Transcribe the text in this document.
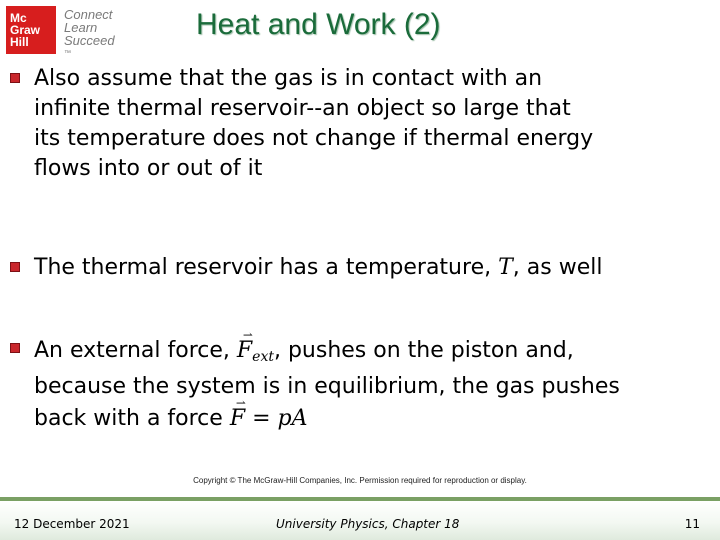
Mc
Graw
Hill
Connect
Learn
Succeed
™
Heat and Work (2)
Also assume that the gas is in contact with an
infinite thermal reservoir--an object so large that
its temperature does not change if thermal energy
flows into or out of it
The thermal reservoir has a temperature, T, as well
An external force,
⇀
$F_{ext}$, pushes on the piston and,
because the system is in equilibrium, the gas pushes
back with a force
⇀
F = pA
Copyright © The McGraw-Hill Companies, Inc. Permission required for reproduction or display.
12 December 2021	University Physics, Chapter 18	11
